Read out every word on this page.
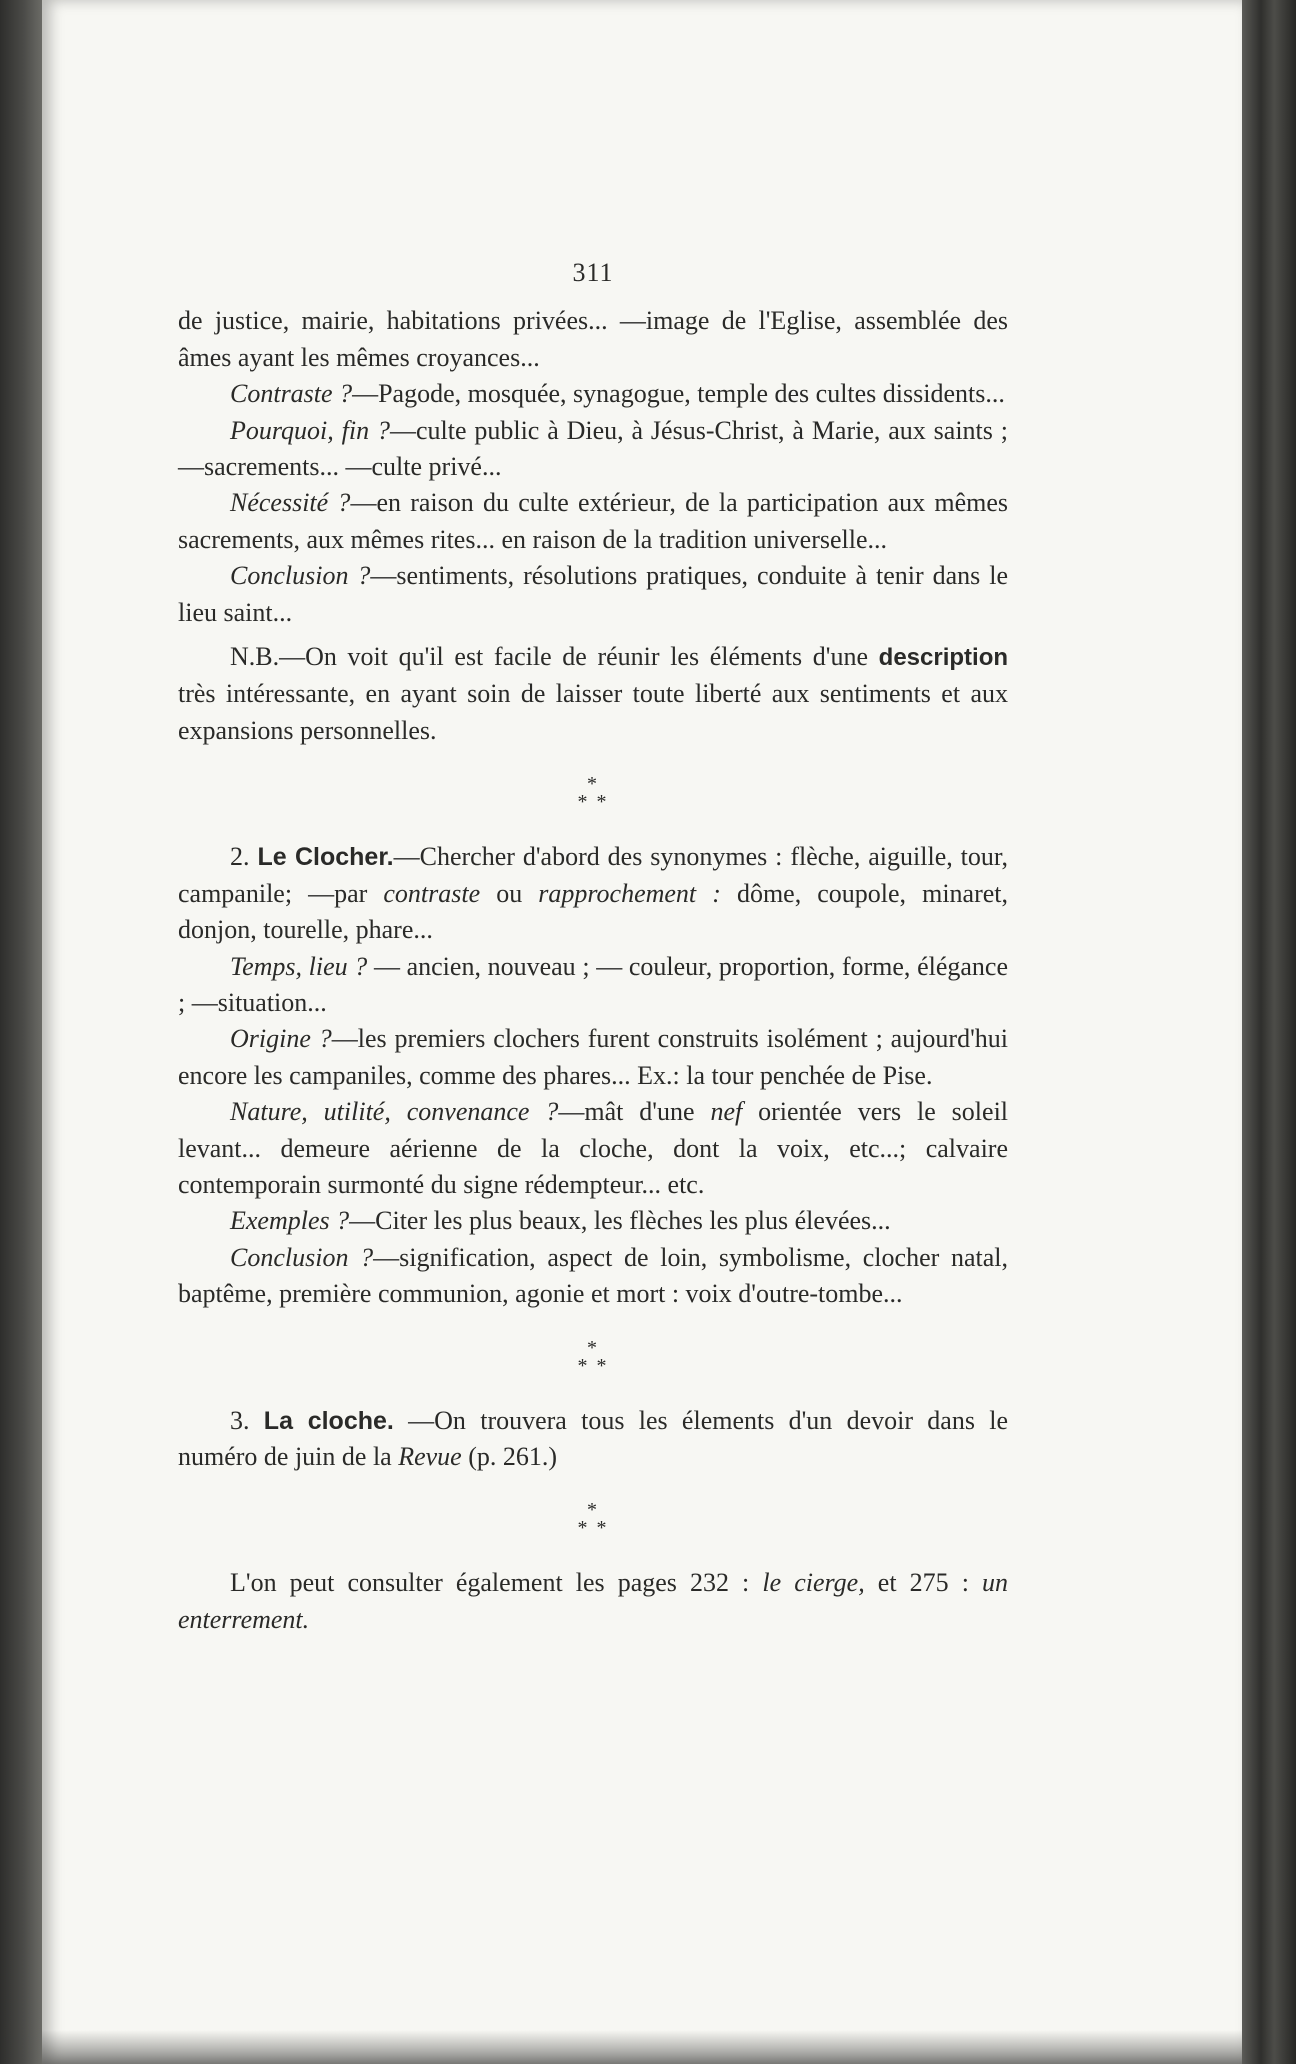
311

de justice, mairie, habitations privées... —image de l'Eglise, assemblée des âmes ayant les mêmes croyances...

Contraste ?—Pagode, mosquée, synagogue, temple des cultes dissidents...

Pourquoi, fin ?—culte public à Dieu, à Jésus-Christ, à Marie, aux saints ; —sacrements... —culte privé...

Nécessité ?—en raison du culte extérieur, de la participation aux mêmes sacrements, aux mêmes rites... en raison de la tradition universelle...

Conclusion ?—sentiments, résolutions pratiques, conduite à tenir dans le lieu saint...

N.B.—On voit qu'il est facile de réunir les éléments d'une description très intéressante, en ayant soin de laisser toute liberté aux sentiments et aux expansions personnelles.

*
* *

2. Le Clocher.—Chercher d'abord des synonymes : flèche, aiguille, tour, campanile; —par contraste ou rapprochement : dôme, coupole, minaret, donjon, tourelle, phare...

Temps, lieu ? — ancien, nouveau ; — couleur, proportion, forme, élégance ; —situation...

Origine ?—les premiers clochers furent construits isolément ; aujourd'hui encore les campaniles, comme des phares... Ex.: la tour penchée de Pise.

Nature, utilité, convenance ?—mât d'une nef orientée vers le soleil levant... demeure aérienne de la cloche, dont la voix, etc...; calvaire contemporain surmonté du signe rédempteur... etc.

Exemples ?—Citer les plus beaux, les flèches les plus élevées...

Conclusion ?—signification, aspect de loin, symbolisme, clocher natal, baptême, première communion, agonie et mort : voix d'outre-tombe...

*
* *

3. La cloche. —On trouvera tous les élements d'un devoir dans le numéro de juin de la Revue (p. 261.)

*
* *

L'on peut consulter également les pages 232 : le cierge, et 275 : un enterrement.
